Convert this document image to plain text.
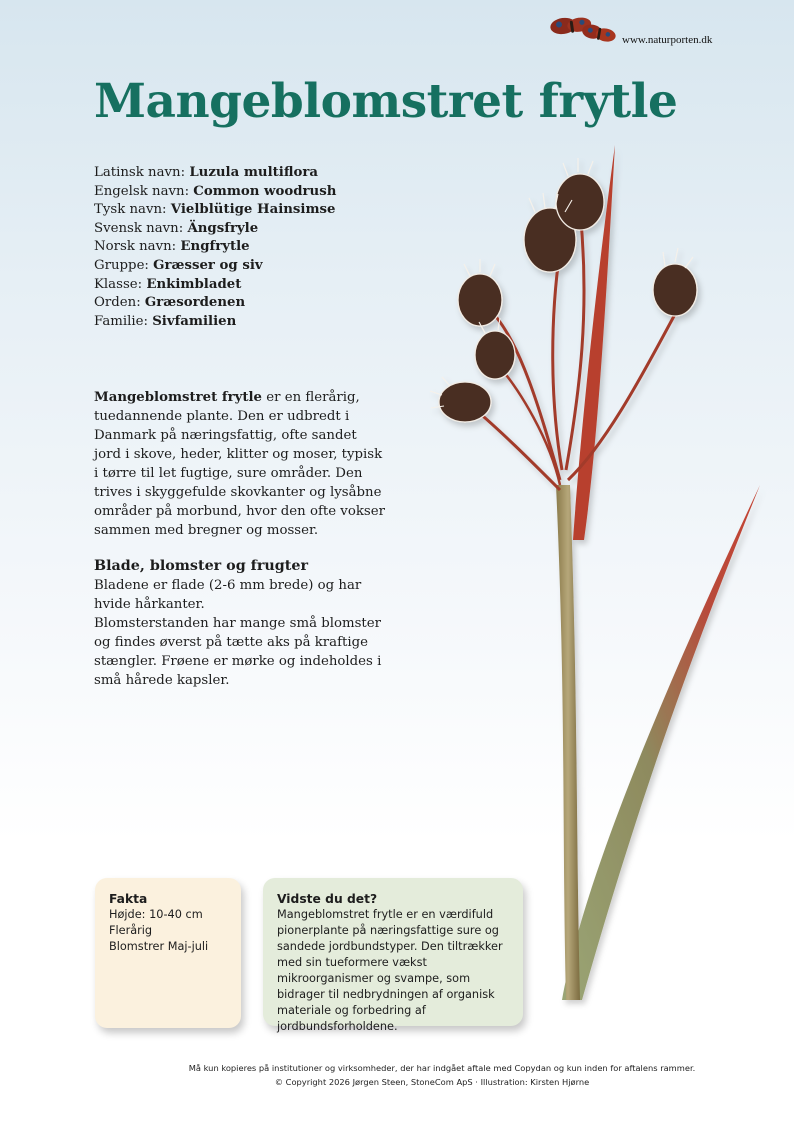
www.naturporten.dk
Mangeblomstret frytle
Latinsk navn: Luzula multiflora
Engelsk navn: Common woodrush
Tysk navn: Vielblütige Hainsimse
Svensk navn: Ängsfryle
Norsk navn: Engfrytle
Gruppe: Græsser og siv
Klasse: Enkimbladet
Orden: Græsordenen
Familie: Sivfamilien
Mangeblomstret frytle er en flerårig, tuedannende plante. Den er udbredt i Danmark på næringsfattig, ofte sandet jord i skove, heder, klitter og moser, typisk i tørre til let fugtige, sure områder. Den trives i skyggefulde skovkanter og lysåbne områder på morbund, hvor den ofte vokser sammen med bregner og mosser.
Blade, blomster og frugter

Bladene er flade (2-6 mm brede) og har hvide hårkanter.

Blomsterstanden har mange små blomster og findes øverst på tætte aks på kraftige stængler. Frøene er mørke og indeholdes i små hårede kapsler.

Fakta
Højde: 10-40 cm
Flerårig
Blomstrer Maj-juli
Vidste du det?
Mangeblomstret frytle er en værdifuld pionerplante på næringsfattige sure og sandede jordbundstyper. Den tiltrækker med sin tueformere vækst mikroorganismer og svampe, som bidrager til nedbrydningen af organisk materiale og forbedring af jordbundsforholdene.
Må kun kopieres på institutioner og virksomheder, der har indgået aftale med Copydan og kun inden for aftalens rammer.
© Copyright 2026 Jørgen Steen, StoneCom ApS · Illustration: Kirsten Hjørne
